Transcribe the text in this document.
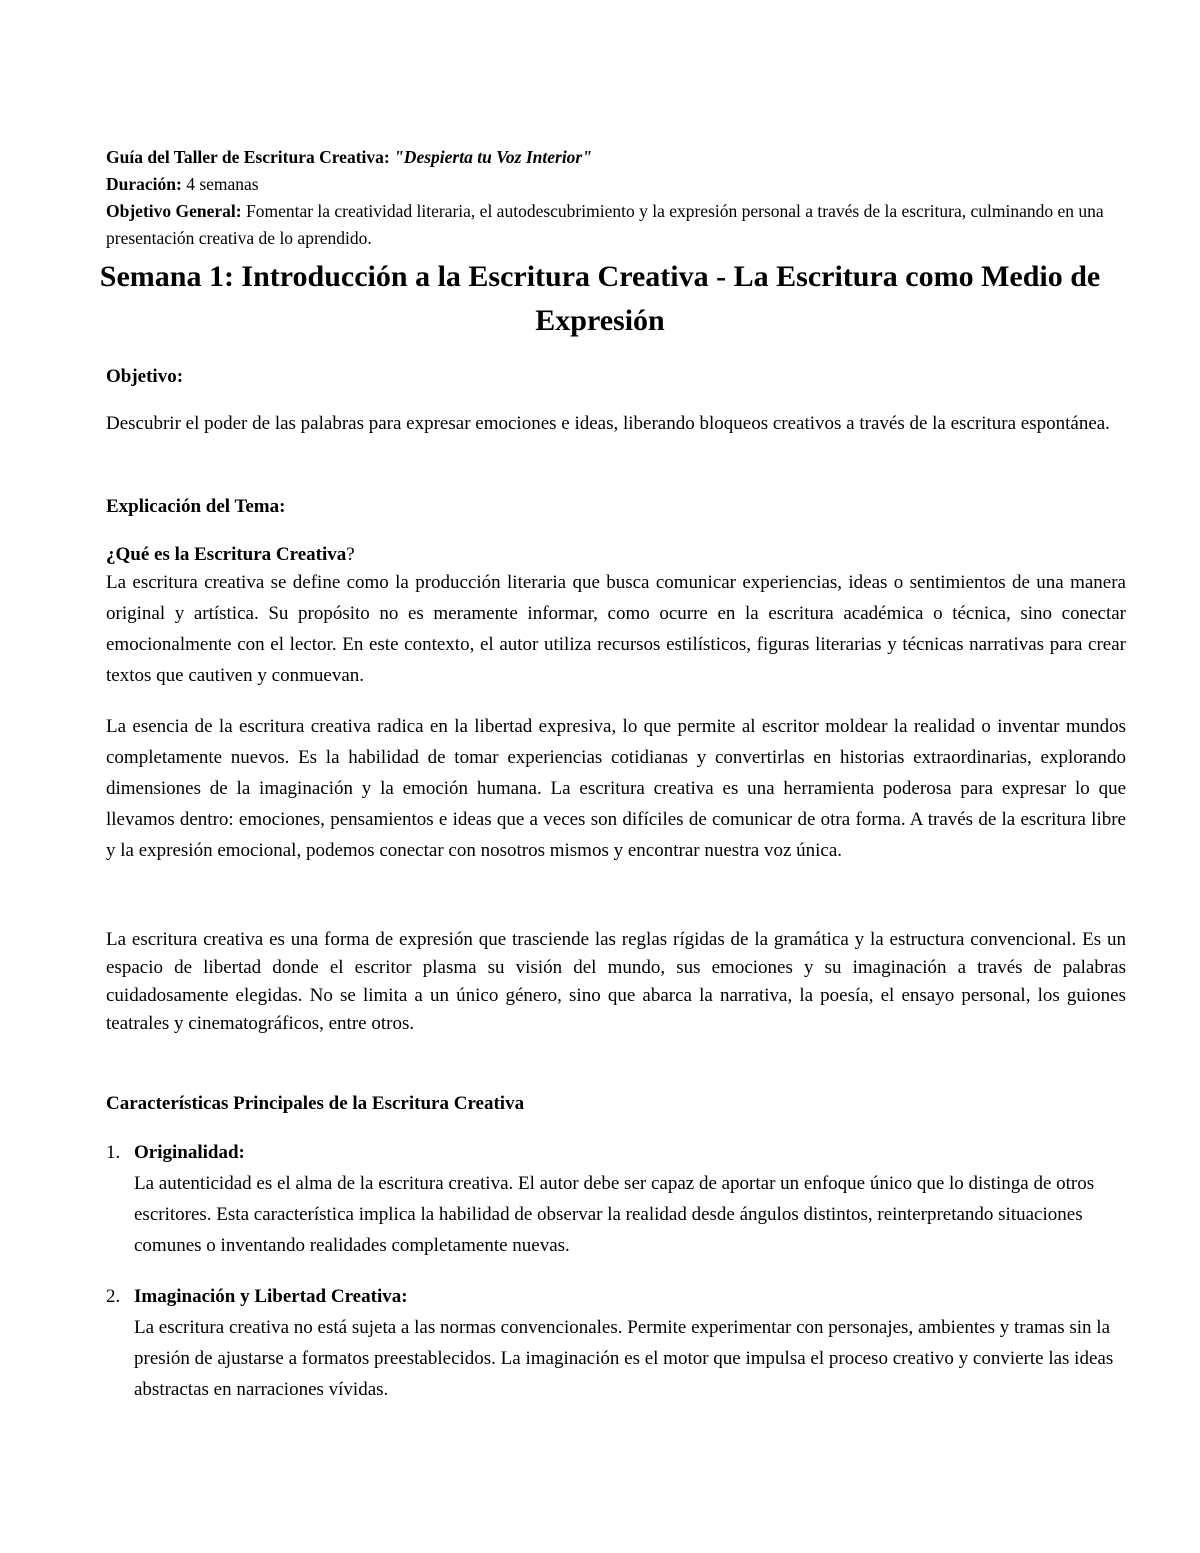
Guía del Taller de Escritura Creativa: "Despierta tu Voz Interior"

Duración: 4 semanas

Objetivo General: Fomentar la creatividad literaria, el autodescubrimiento y la expresión personal a través de la escritura, culminando en una presentación creativa de lo aprendido.

Semana 1: Introducción a la Escritura Creativa - La Escritura como Medio de Expresión
Objetivo:

Descubrir el poder de las palabras para expresar emociones e ideas, liberando bloqueos creativos a través de la escritura espontánea.

Explicación del Tema:
¿Qué es la Escritura Creativa?

La escritura creativa se define como la producción literaria que busca comunicar experiencias, ideas o sentimientos de una manera original y artística. Su propósito no es meramente informar, como ocurre en la escritura académica o técnica, sino conectar emocionalmente con el lector. En este contexto, el autor utiliza recursos estilísticos, figuras literarias y técnicas narrativas para crear textos que cautiven y conmuevan.

La esencia de la escritura creativa radica en la libertad expresiva, lo que permite al escritor moldear la realidad o inventar mundos completamente nuevos. Es la habilidad de tomar experiencias cotidianas y convertirlas en historias extraordinarias, explorando dimensiones de la imaginación y la emoción humana. La escritura creativa es una herramienta poderosa para expresar lo que llevamos dentro: emociones, pensamientos e ideas que a veces son difíciles de comunicar de otra forma. A través de la escritura libre y la expresión emocional, podemos conectar con nosotros mismos y encontrar nuestra voz única.

La escritura creativa es una forma de expresión que trasciende las reglas rígidas de la gramática y la estructura convencional. Es un espacio de libertad donde el escritor plasma su visión del mundo, sus emociones y su imaginación a través de palabras cuidadosamente elegidas. No se limita a un único género, sino que abarca la narrativa, la poesía, el ensayo personal, los guiones teatrales y cinematográficos, entre otros.

Características Principales de la Escritura Creativa
1. Originalidad:

La autenticidad es el alma de la escritura creativa. El autor debe ser capaz de aportar un enfoque único que lo distinga de otros escritores. Esta característica implica la habilidad de observar la realidad desde ángulos distintos, reinterpretando situaciones comunes o inventando realidades completamente nuevas.

2. Imaginación y Libertad Creativa:

La escritura creativa no está sujeta a las normas convencionales. Permite experimentar con personajes, ambientes y tramas sin la presión de ajustarse a formatos preestablecidos. La imaginación es el motor que impulsa el proceso creativo y convierte las ideas abstractas en narraciones vívidas.
